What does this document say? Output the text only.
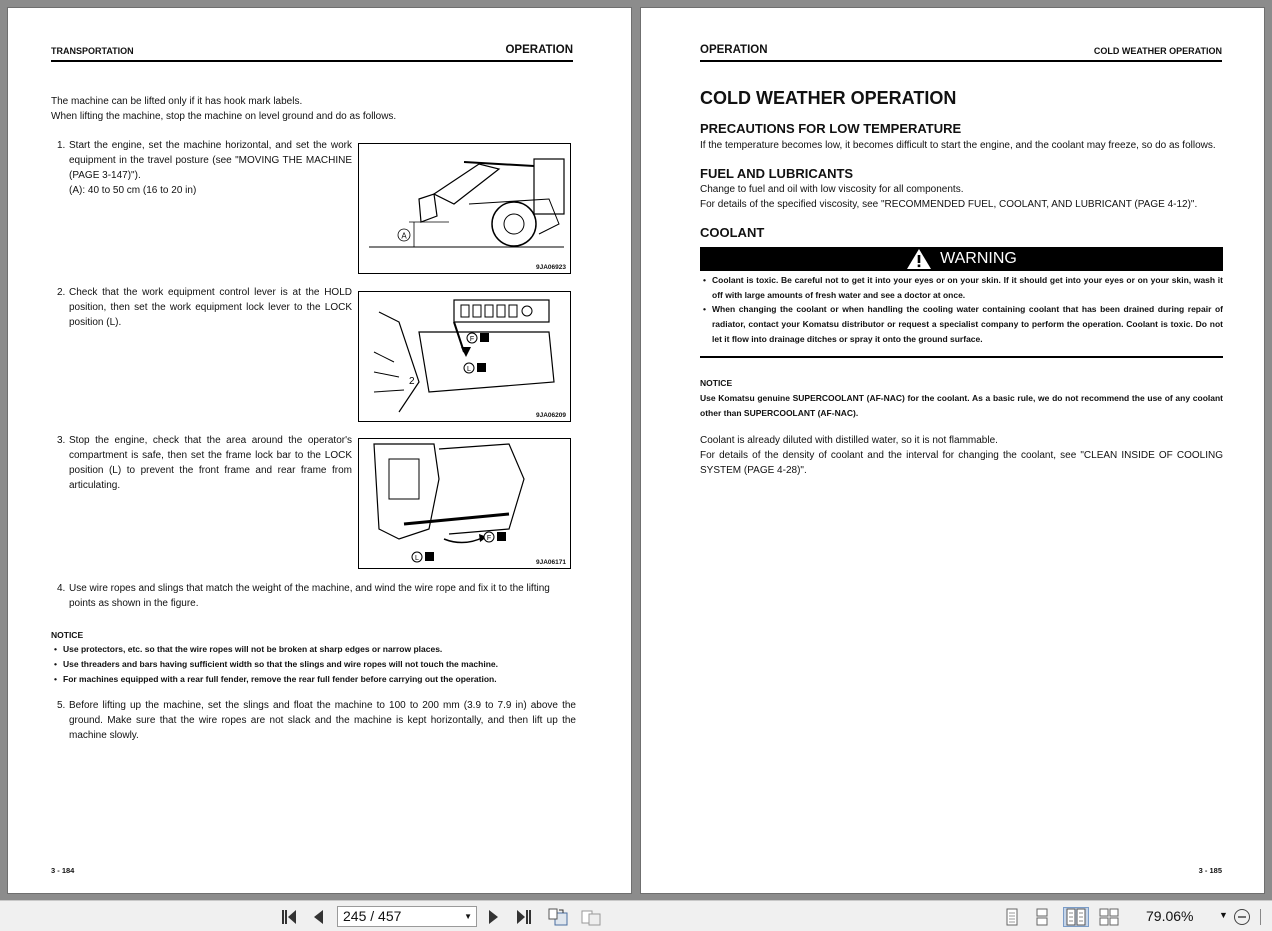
TRANSPORTATION	OPERATION
The machine can be lifted only if it has hook mark labels.
When lifting the machine, stop the machine on level ground and do as follows.
1. Start the engine, set the machine horizontal, and set the work equipment in the travel posture (see "MOVING THE MACHINE (PAGE 3-147)").
(A): 40 to 50 cm (16 to 20 in)
A
9JA06923
2. Check that the work equipment control lever is at the HOLD position, then set the work equipment lock lever to the LOCK position (L).
F
L
2
9JA06209
3. Stop the engine, check that the area around the operator's compartment is safe, then set the frame lock bar to the LOCK position (L) to prevent the front frame and rear frame from articulating.
F
L
9JA06171
4. Use wire ropes and slings that match the weight of the machine, and wind the wire rope and fix it to the lifting points as shown in the figure.
NOTICE
• Use protectors, etc. so that the wire ropes will not be broken at sharp edges or narrow places.
• Use threaders and bars having sufficient width so that the slings and wire ropes will not touch the machine.
• For machines equipped with a rear full fender, remove the rear full fender before carrying out the operation.
5. Before lifting up the machine, set the slings and float the machine to 100 to 200 mm (3.9 to 7.9 in) above the ground. Make sure that the wire ropes are not slack and the machine is kept horizontally, and then lift up the machine slowly.
3 - 184
OPERATION	COLD WEATHER OPERATION
COLD WEATHER OPERATION
PRECAUTIONS FOR LOW TEMPERATURE
If the temperature becomes low, it becomes difficult to start the engine, and the coolant may freeze, so do as follows.
FUEL AND LUBRICANTS
Change to fuel and oil with low viscosity for all components.
For details of the specified viscosity, see "RECOMMENDED FUEL, COOLANT, AND LUBRICANT (PAGE 4-12)".
COOLANT
WARNING
• Coolant is toxic. Be careful not to get it into your eyes or on your skin. If it should get into your eyes or on your skin, wash it off with large amounts of fresh water and see a doctor at once.
• When changing the coolant or when handling the cooling water containing coolant that has been drained during repair of radiator, contact your Komatsu distributor or request a specialist company to perform the operation. Coolant is toxic. Do not let it flow into drainage ditches or spray it onto the ground surface.
NOTICE
Use Komatsu genuine SUPERCOOLANT (AF-NAC) for the coolant. As a basic rule, we do not recommend the use of any coolant other than SUPERCOOLANT (AF-NAC).
Coolant is already diluted with distilled water, so it is not flammable.
For details of the density of coolant and the interval for changing the coolant, see "CLEAN INSIDE OF COOLING SYSTEM (PAGE 4-28)".
3 - 185
245 / 457	▼	79.06%	▼
